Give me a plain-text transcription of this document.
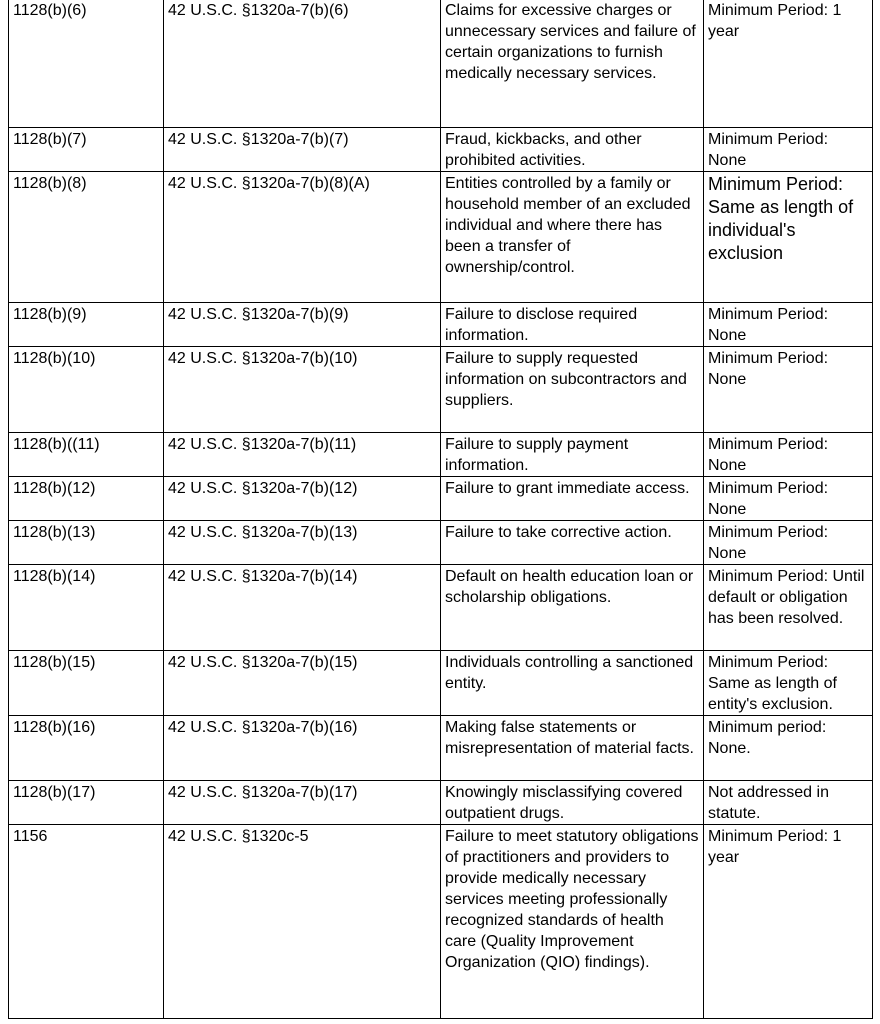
1128(b)(6)	42 U.S.C. §1320a-7(b)(6)	Claims for excessive charges or unnecessary services and failure of certain organizations to furnish medically necessary services.	Minimum Period: 1 year
1128(b)(7)	42 U.S.C. §1320a-7(b)(7)	Fraud, kickbacks, and other prohibited activities.	Minimum Period: None
1128(b)(8)	42 U.S.C. §1320a-7(b)(8)(A)	Entities controlled by a family or household member of an excluded individual and where there has been a transfer of ownership/control.	Minimum Period: Same as length of individual's exclusion
1128(b)(9)	42 U.S.C. §1320a-7(b)(9)	Failure to disclose required information.	Minimum Period: None
1128(b)(10)	42 U.S.C. §1320a-7(b)(10)	Failure to supply requested information on subcontractors and suppliers.	Minimum Period: None
1128(b)((11)	42 U.S.C. §1320a-7(b)(11)	Failure to supply payment information.	Minimum Period: None
1128(b)(12)	42 U.S.C. §1320a-7(b)(12)	Failure to grant immediate access.	Minimum Period: None
1128(b)(13)	42 U.S.C. §1320a-7(b)(13)	Failure to take corrective action.	Minimum Period: None
1128(b)(14)	42 U.S.C. §1320a-7(b)(14)	Default on health education loan or scholarship obligations.	Minimum Period: Until default or obligation has been resolved.
1128(b)(15)	42 U.S.C. §1320a-7(b)(15)	Individuals controlling a sanctioned entity.	Minimum Period: Same as length of entity's exclusion.
1128(b)(16)	42 U.S.C. §1320a-7(b)(16)	Making false statements or misrepresentation of material facts.	Minimum period: None.
1128(b)(17)	42 U.S.C. §1320a-7(b)(17)	Knowingly misclassifying covered outpatient drugs.	Not addressed in statute.
1156	42 U.S.C. §1320c-5	Failure to meet statutory obligations of practitioners and providers to provide medically necessary services meeting professionally recognized standards of health care (Quality Improvement Organization (QIO) findings).	Minimum Period: 1 year
